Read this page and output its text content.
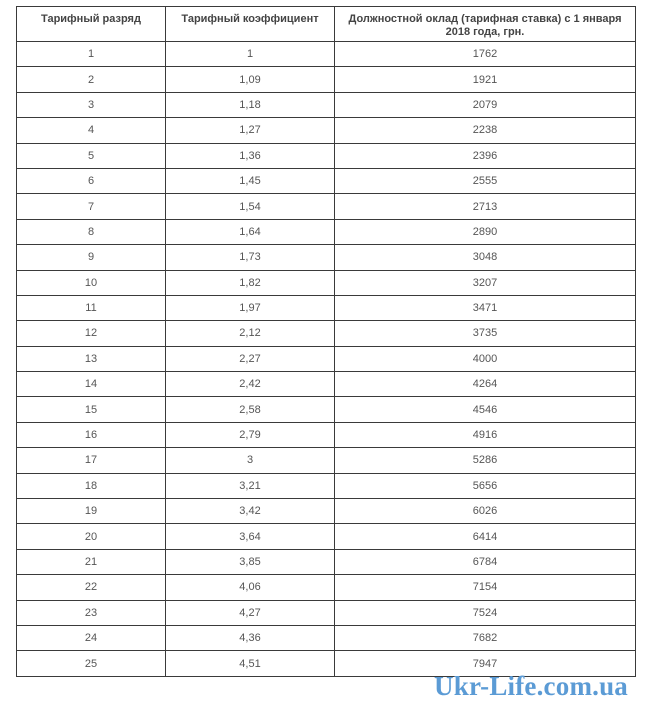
Тарифный разряд	Тарифный коэффициент	Должностной оклад (тарифная ставка) с 1 января 2018 года, грн.
1	1	1762
2	1,09	1921
3	1,18	2079
4	1,27	2238
5	1,36	2396
6	1,45	2555
7	1,54	2713
8	1,64	2890
9	1,73	3048
10	1,82	3207
11	1,97	3471
12	2,12	3735
13	2,27	4000
14	2,42	4264
15	2,58	4546
16	2,79	4916
17	3	5286
18	3,21	5656
19	3,42	6026
20	3,64	6414
21	3,85	6784
22	4,06	7154
23	4,27	7524
24	4,36	7682
25	4,51	7947
Ukr-Life.com.ua
